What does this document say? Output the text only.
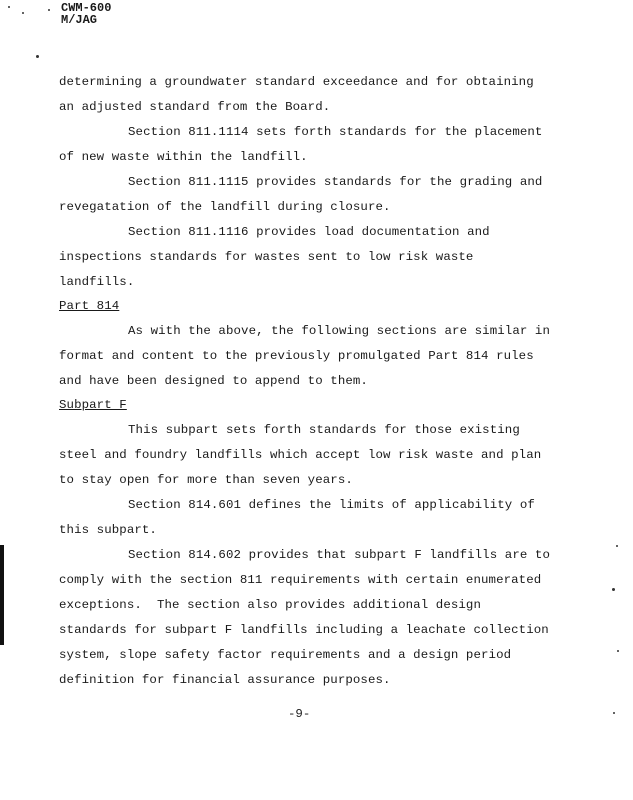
CWM-600
M/JAG
determining a groundwater standard exceedance and for obtaining
an adjusted standard from the Board.
Section 811.1114 sets forth standards for the placement
of new waste within the landfill.
Section 811.1115 provides standards for the grading and
revegatation of the landfill during closure.
Section 811.1116 provides load documentation and
inspections standards for wastes sent to low risk waste
landfills.
Part 814
As with the above, the following sections are similar in
format and content to the previously promulgated Part 814 rules
and have been designed to append to them.
Subpart F
This subpart sets forth standards for those existing
steel and foundry landfills which accept low risk waste and plan
to stay open for more than seven years.
Section 814.601 defines the limits of applicability of
this subpart.
Section 814.602 provides that subpart F landfills are to
comply with the section 811 requirements with certain enumerated
exceptions.  The section also provides additional design
standards for subpart F landfills including a leachate collection
system, slope safety factor requirements and a design period
definition for financial assurance purposes.
-9-
